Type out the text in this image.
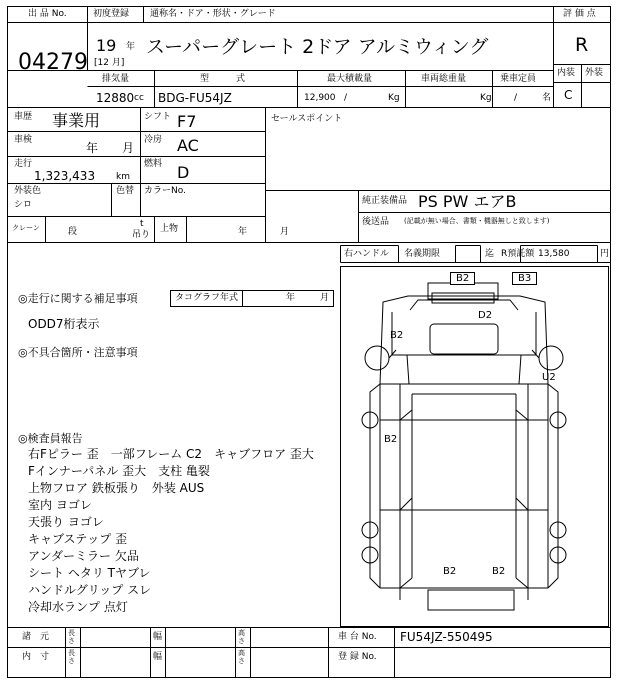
出 品 No.
04279
初度登録 通称名・ドア・形状・グレード
19 年
[12 月]
スーパーグレート 2ドア アルミウィング
評 価 点
R
内装 外装
C
排気量	型　　　式	最大積載量	車両総重量	乗車定員
12880 cc BDG-FU54JZ	12,900 /	Kg	Kg /	名
車歴 事業用	シフト F7
車検
年 月
冷房 AC
走行
1,323,433 km
燃料 D
外装色
シロ
色替 カラーNo.
セールスポイント
純正装備品 PS PW エアB
後送品 (記載が無い場合、書類・機器無しと致します)
クレーン	段
t
吊り
上物	年	月
右ハンドル 名義期限	迄 R預託額 13,580	円
◎走行に関する補足事項	タコグラフ年式	年	月
ODD7桁表示
◎不具合箇所・注意事項
◎検査員報告
右Fピラー 歪　一部フレーム C2　キャブフロア 歪大
Fインナーパネル 歪大　支柱 亀裂
上物フロア 鉄板張り　外装 AUS
室内 ヨゴレ
天張り ヨゴレ
キャブステップ 歪
アンダーミラー 欠品
シート ヘタリ Tヤブレ
ハンドルグリップ スレ
冷却水ランプ 点灯
B2	B3
D2
B2
U2
B2
B2	B2
諸　元	長さ	幅	高さ	車 台 No. FU54JZ-550495
内　寸	長さ	幅	高さ	登 録 No.
